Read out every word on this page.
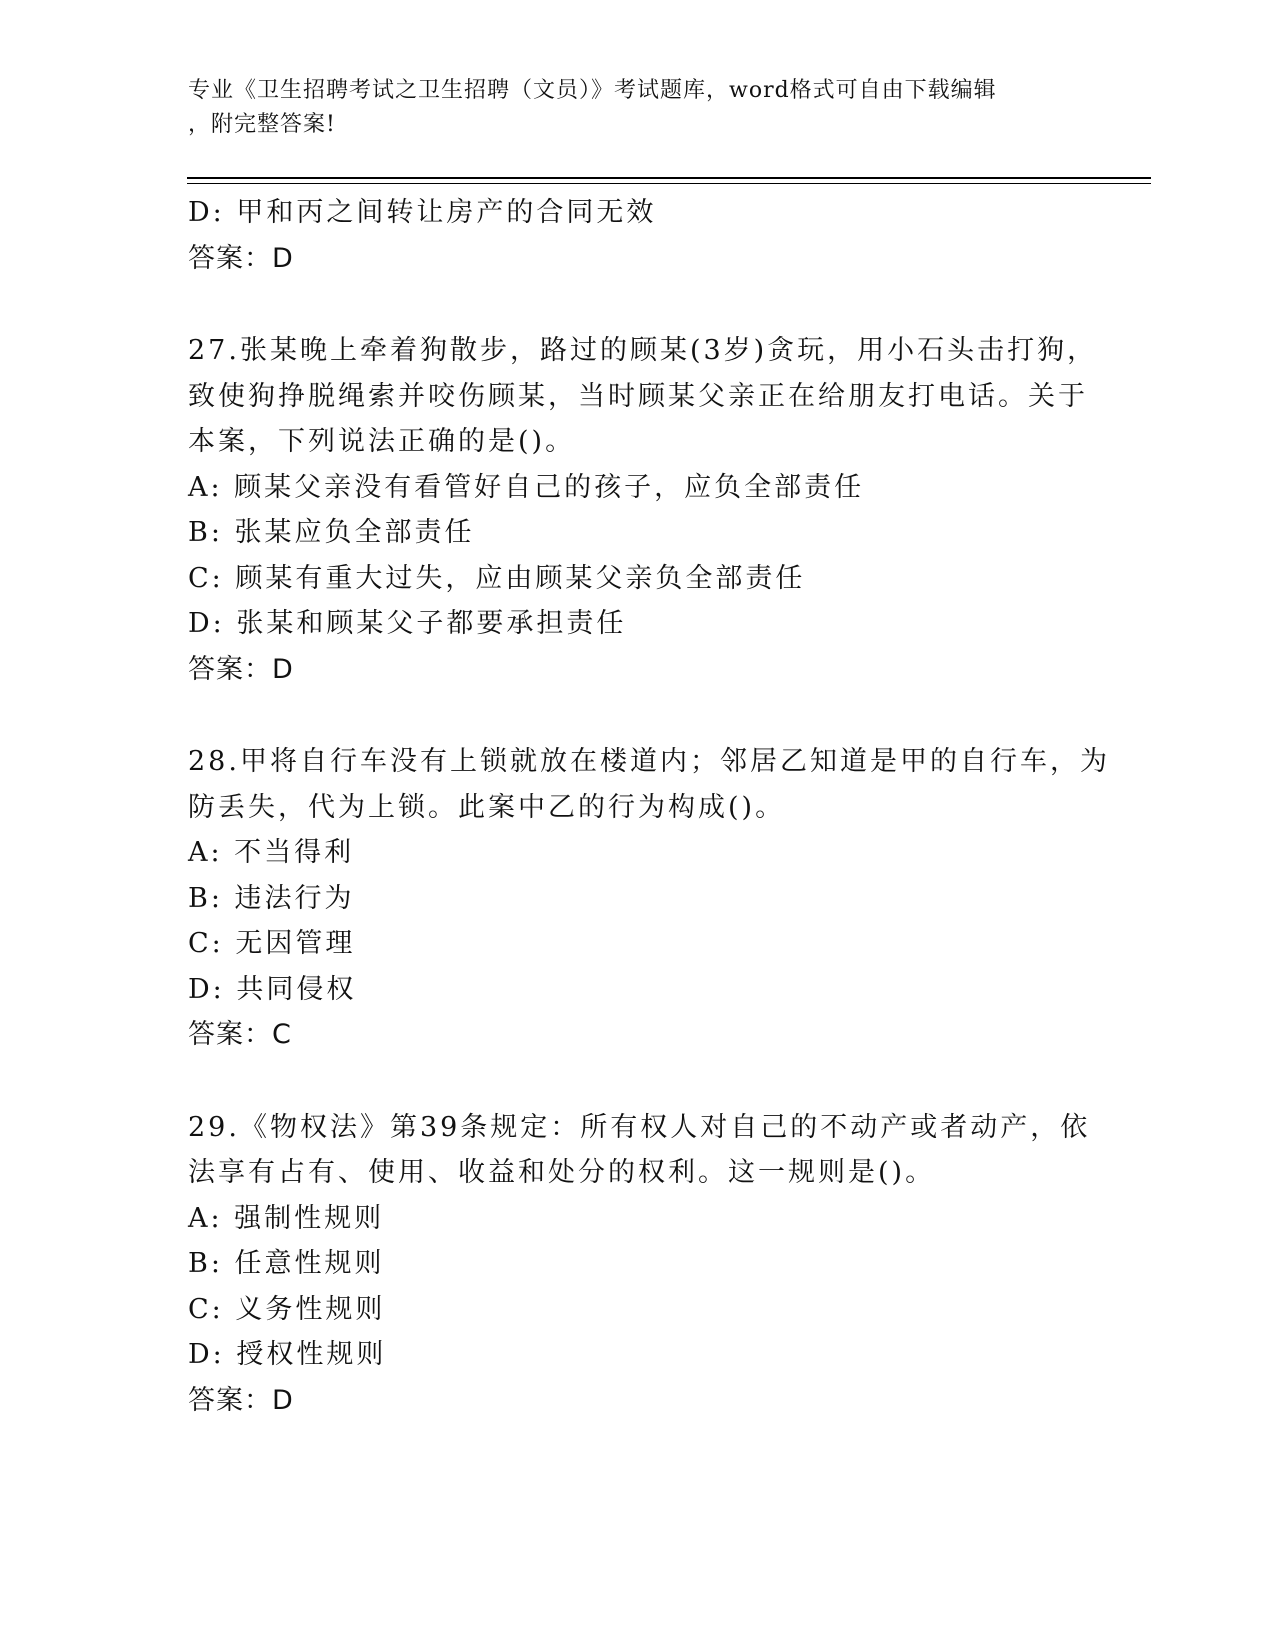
专业《卫生招聘考试之卫生招聘（文员）》考试题库，word格式可自由下载编辑
，附完整答案!
D: 甲和丙之间转让房产的合同无效
答案：D
27.张某晚上牵着狗散步，路过的顾某(3岁)贪玩，用小石头击打狗，
致使狗挣脱绳索并咬伤顾某，当时顾某父亲正在给朋友打电话。关于
本案，下列说法正确的是()。
A: 顾某父亲没有看管好自己的孩子，应负全部责任
B: 张某应负全部责任
C: 顾某有重大过失，应由顾某父亲负全部责任
D: 张某和顾某父子都要承担责任
答案：D
28.甲将自行车没有上锁就放在楼道内；邻居乙知道是甲的自行车，为
防丢失，代为上锁。此案中乙的行为构成()。
A: 不当得利
B: 违法行为
C: 无因管理
D: 共同侵权
答案：C
29.《物权法》第39条规定：所有权人对自己的不动产或者动产，依
法享有占有、使用、收益和处分的权利。这一规则是()。
A: 强制性规则
B: 任意性规则
C: 义务性规则
D: 授权性规则
答案：D
